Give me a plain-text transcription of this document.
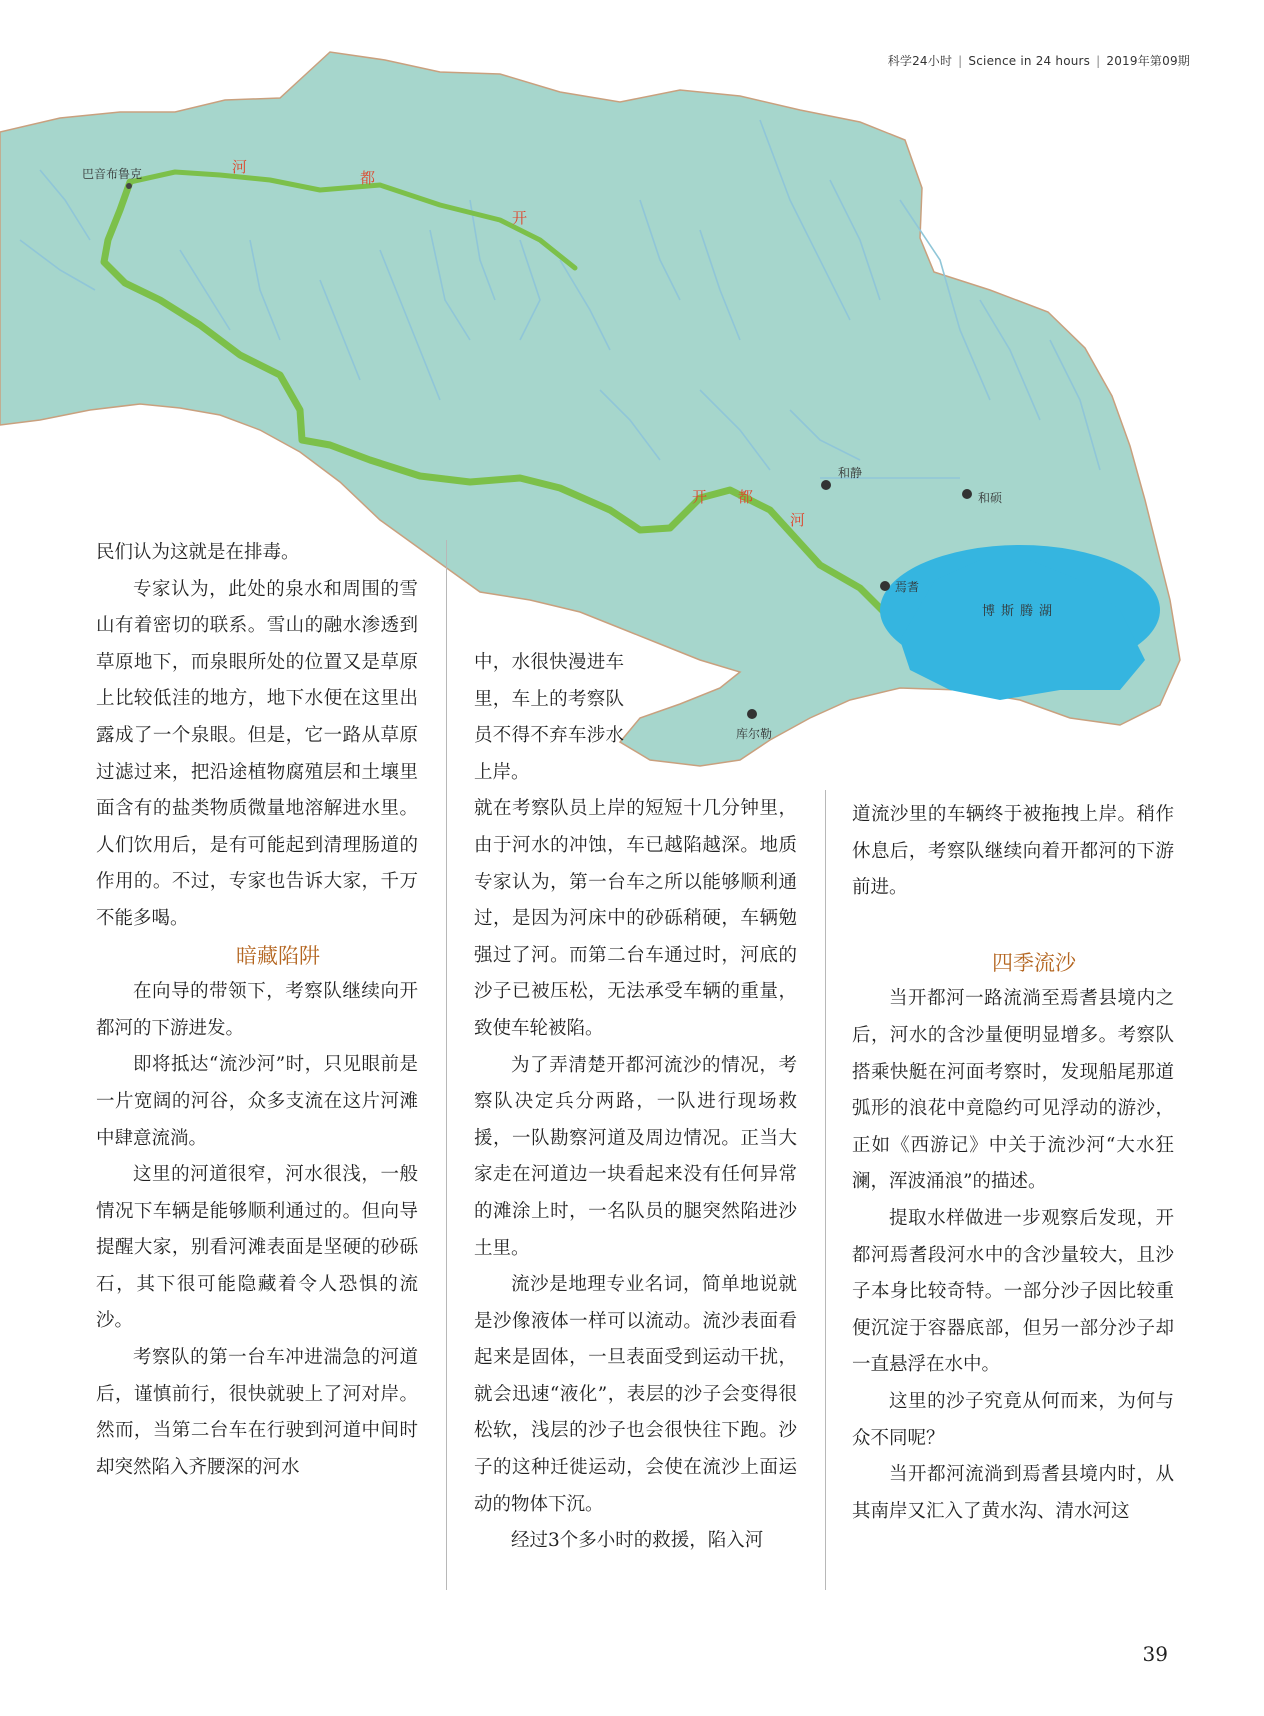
科学24小时 | Science in 24 hours | 2019年第09期
巴音布鲁克	河
都
开
开 都
河
和静
和硕
焉耆
博斯腾湖
库尔勒

民们认为这就是在排毒。

专家认为，此处的泉水和周围的雪山有着密切的联系。雪山的融水渗透到草原地下，而泉眼所处的位置又是草原上比较低洼的地方，地下水便在这里出露成了一个泉眼。但是，它一路从草原过滤过来，把沿途植物腐殖层和土壤里面含有的盐类物质微量地溶解进水里。人们饮用后，是有可能起到清理肠道的作用的。不过，专家也告诉大家，千万不能多喝。

暗藏陷阱

在向导的带领下，考察队继续向开都河的下游进发。

即将抵达“流沙河”时，只见眼前是一片宽阔的河谷，众多支流在这片河滩中肆意流淌。

这里的河道很窄，河水很浅，一般情况下车辆是能够顺利通过的。但向导提醒大家，别看河滩表面是坚硬的砂砾石，其下很可能隐藏着令人恐惧的流沙。

考察队的第一台车冲进湍急的河道后，谨慎前行，很快就驶上了河对岸。然而，当第二台车在行驶到河道中间时却突然陷入齐腰深的河水

中，水很快漫进车里，车上的考察队员不得不弃车涉水上岸。

就在考察队员上岸的短短十几分钟里，由于河水的冲蚀，车已越陷越深。地质专家认为，第一台车之所以能够顺利通过，是因为河床中的砂砾稍硬，车辆勉强过了河。而第二台车通过时，河底的沙子已被压松，无法承受车辆的重量，致使车轮被陷。

为了弄清楚开都河流沙的情况，考察队决定兵分两路，一队进行现场救援，一队勘察河道及周边情况。正当大家走在河道边一块看起来没有任何异常的滩涂上时，一名队员的腿突然陷进沙土里。

流沙是地理专业名词，简单地说就是沙像液体一样可以流动。流沙表面看起来是固体，一旦表面受到运动干扰，就会迅速“液化”，表层的沙子会变得很松软，浅层的沙子也会很快往下跑。沙子的这种迁徙运动，会使在流沙上面运动的物体下沉。

经过3个多小时的救援，陷入河

道流沙里的车辆终于被拖拽上岸。稍作休息后，考察队继续向着开都河的下游前进。

四季流沙

当开都河一路流淌至焉耆县境内之后，河水的含沙量便明显增多。考察队搭乘快艇在河面考察时，发现船尾那道弧形的浪花中竟隐约可见浮动的游沙，正如《西游记》中关于流沙河“大水狂澜，浑波涌浪”的描述。

提取水样做进一步观察后发现，开都河焉耆段河水中的含沙量较大，且沙子本身比较奇特。一部分沙子因比较重便沉淀于容器底部，但另一部分沙子却一直悬浮在水中。

这里的沙子究竟从何而来，为何与众不同呢？

当开都河流淌到焉耆县境内时，从其南岸又汇入了黄水沟、清水河这

39
